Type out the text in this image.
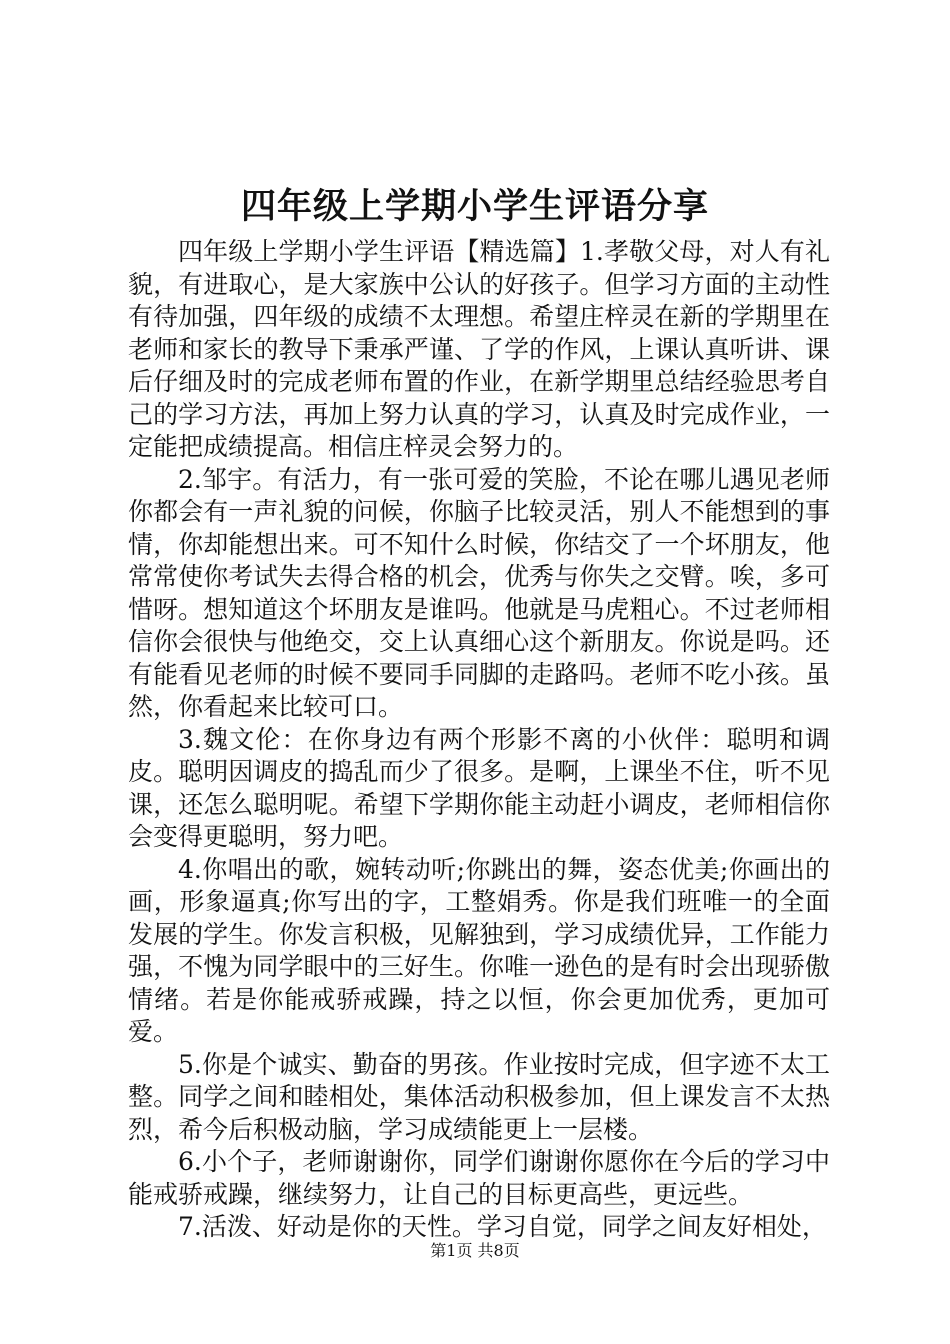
四年级上学期小学生评语分享

四年级上学期小学生评语【精选篇】1.孝敬父母，对人有礼貌，有进取心，是大家族中公认的好孩子。但学习方面的主动性有待加强，四年级的成绩不太理想。希望庄梓灵在新的学期里在老师和家长的教导下秉承严谨、了学的作风，上课认真听讲、课后仔细及时的完成老师布置的作业，在新学期里总结经验思考自己的学习方法，再加上努力认真的学习，认真及时完成作业，一定能把成绩提高。相信庄梓灵会努力的。

2.邹宇。有活力，有一张可爱的笑脸，不论在哪儿遇见老师你都会有一声礼貌的问候，你脑子比较灵活，别人不能想到的事情，你却能想出来。可不知什么时候，你结交了一个坏朋友，他常常使你考试失去得合格的机会，优秀与你失之交臂。唉，多可惜呀。想知道这个坏朋友是谁吗。他就是马虎粗心。不过老师相信你会很快与他绝交，交上认真细心这个新朋友。你说是吗。还有能看见老师的时候不要同手同脚的走路吗。老师不吃小孩。虽然，你看起来比较可口。

3.魏文伦：在你身边有两个形影不离的小伙伴：聪明和调皮。聪明因调皮的捣乱而少了很多。是啊，上课坐不住，听不见课，还怎么聪明呢。希望下学期你能主动赶小调皮，老师相信你会变得更聪明，努力吧。

4.你唱出的歌，婉转动听;你跳出的舞，姿态优美;你画出的画，形象逼真;你写出的字，工整娟秀。你是我们班唯一的全面发展的学生。你发言积极，见解独到，学习成绩优异，工作能力强，不愧为同学眼中的三好生。你唯一逊色的是有时会出现骄傲情绪。若是你能戒骄戒躁，持之以恒，你会更加优秀，更加可爱。

5.你是个诚实、勤奋的男孩。作业按时完成，但字迹不太工整。同学之间和睦相处，集体活动积极参加，但上课发言不太热烈，希今后积极动脑，学习成绩能更上一层楼。

6.小个子，老师谢谢你，同学们谢谢你愿你在今后的学习中能戒骄戒躁，继续努力，让自己的目标更高些，更远些。

7.活泼、好动是你的天性。学习自觉，同学之间友好相处，

第1页 共8页
